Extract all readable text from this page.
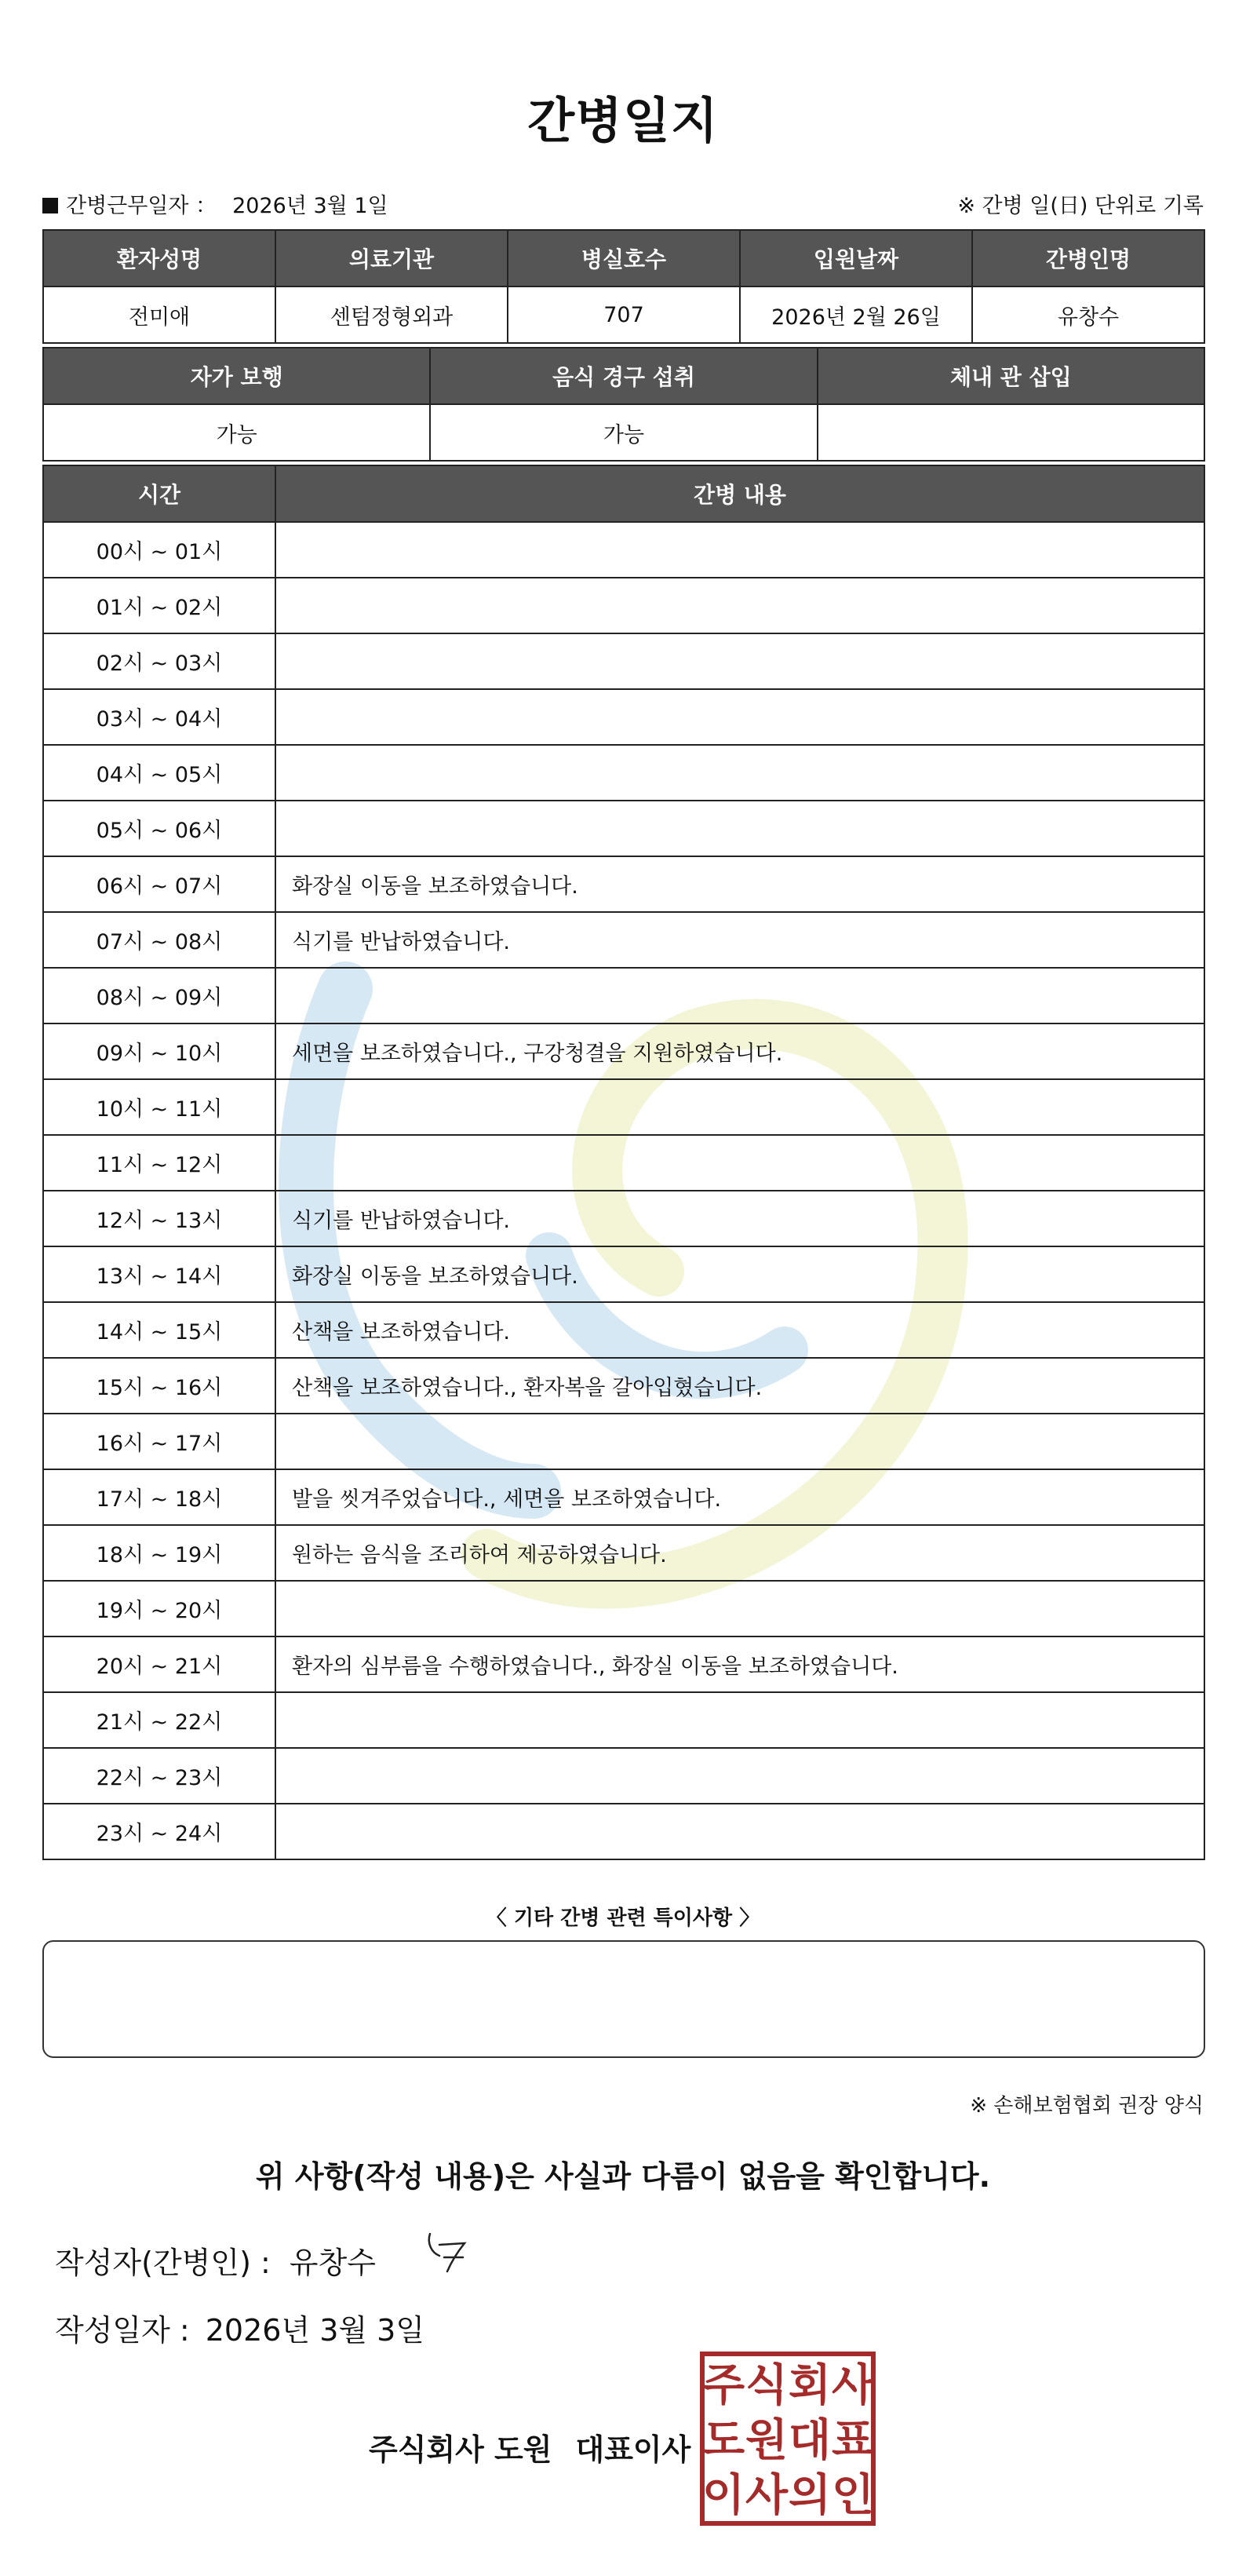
간병일지
간병근무일자 ： 2026년 3월 1일	※ 간병 일(日) 단위로 기록
환자성명	의료기관	병실호수	입원날짜	간병인명
전미애	센텀정형외과	707	2026년 2월 26일	유창수
자가 보행	음식 경구 섭취	체내 관 삽입
가능	가능	
시간	간병 내용
00시 ~ 01시	
01시 ~ 02시	
02시 ~ 03시	
03시 ~ 04시	
04시 ~ 05시	
05시 ~ 06시	
06시 ~ 07시	화장실 이동을 보조하였습니다.
07시 ~ 08시	식기를 반납하였습니다.
08시 ~ 09시	
09시 ~ 10시	세면을 보조하였습니다., 구강청결을 지원하였습니다.
10시 ~ 11시	
11시 ~ 12시	
12시 ~ 13시	식기를 반납하였습니다.
13시 ~ 14시	화장실 이동을 보조하였습니다.
14시 ~ 15시	산책을 보조하였습니다.
15시 ~ 16시	산책을 보조하였습니다., 환자복을 갈아입혔습니다.
16시 ~ 17시	
17시 ~ 18시	발을 씻겨주었습니다., 세면을 보조하였습니다.
18시 ~ 19시	원하는 음식을 조리하여 제공하였습니다.
19시 ~ 20시	
20시 ~ 21시	환자의 심부름을 수행하였습니다., 화장실 이동을 보조하였습니다.
21시 ~ 22시	
22시 ~ 23시	
23시 ~ 24시	
〈 기타 간병 관련 특이사항 〉
※ 손해보험협회 권장 양식
위 사항(작성 내용)은 사실과 다름이 없음을 확인합니다.
작성자(간병인) : 유창수
작성일자 : 2026년 3월 3일
주식회사 도원 대표이사
주 식 회 사
도 원 대 표
이 사 의 인
